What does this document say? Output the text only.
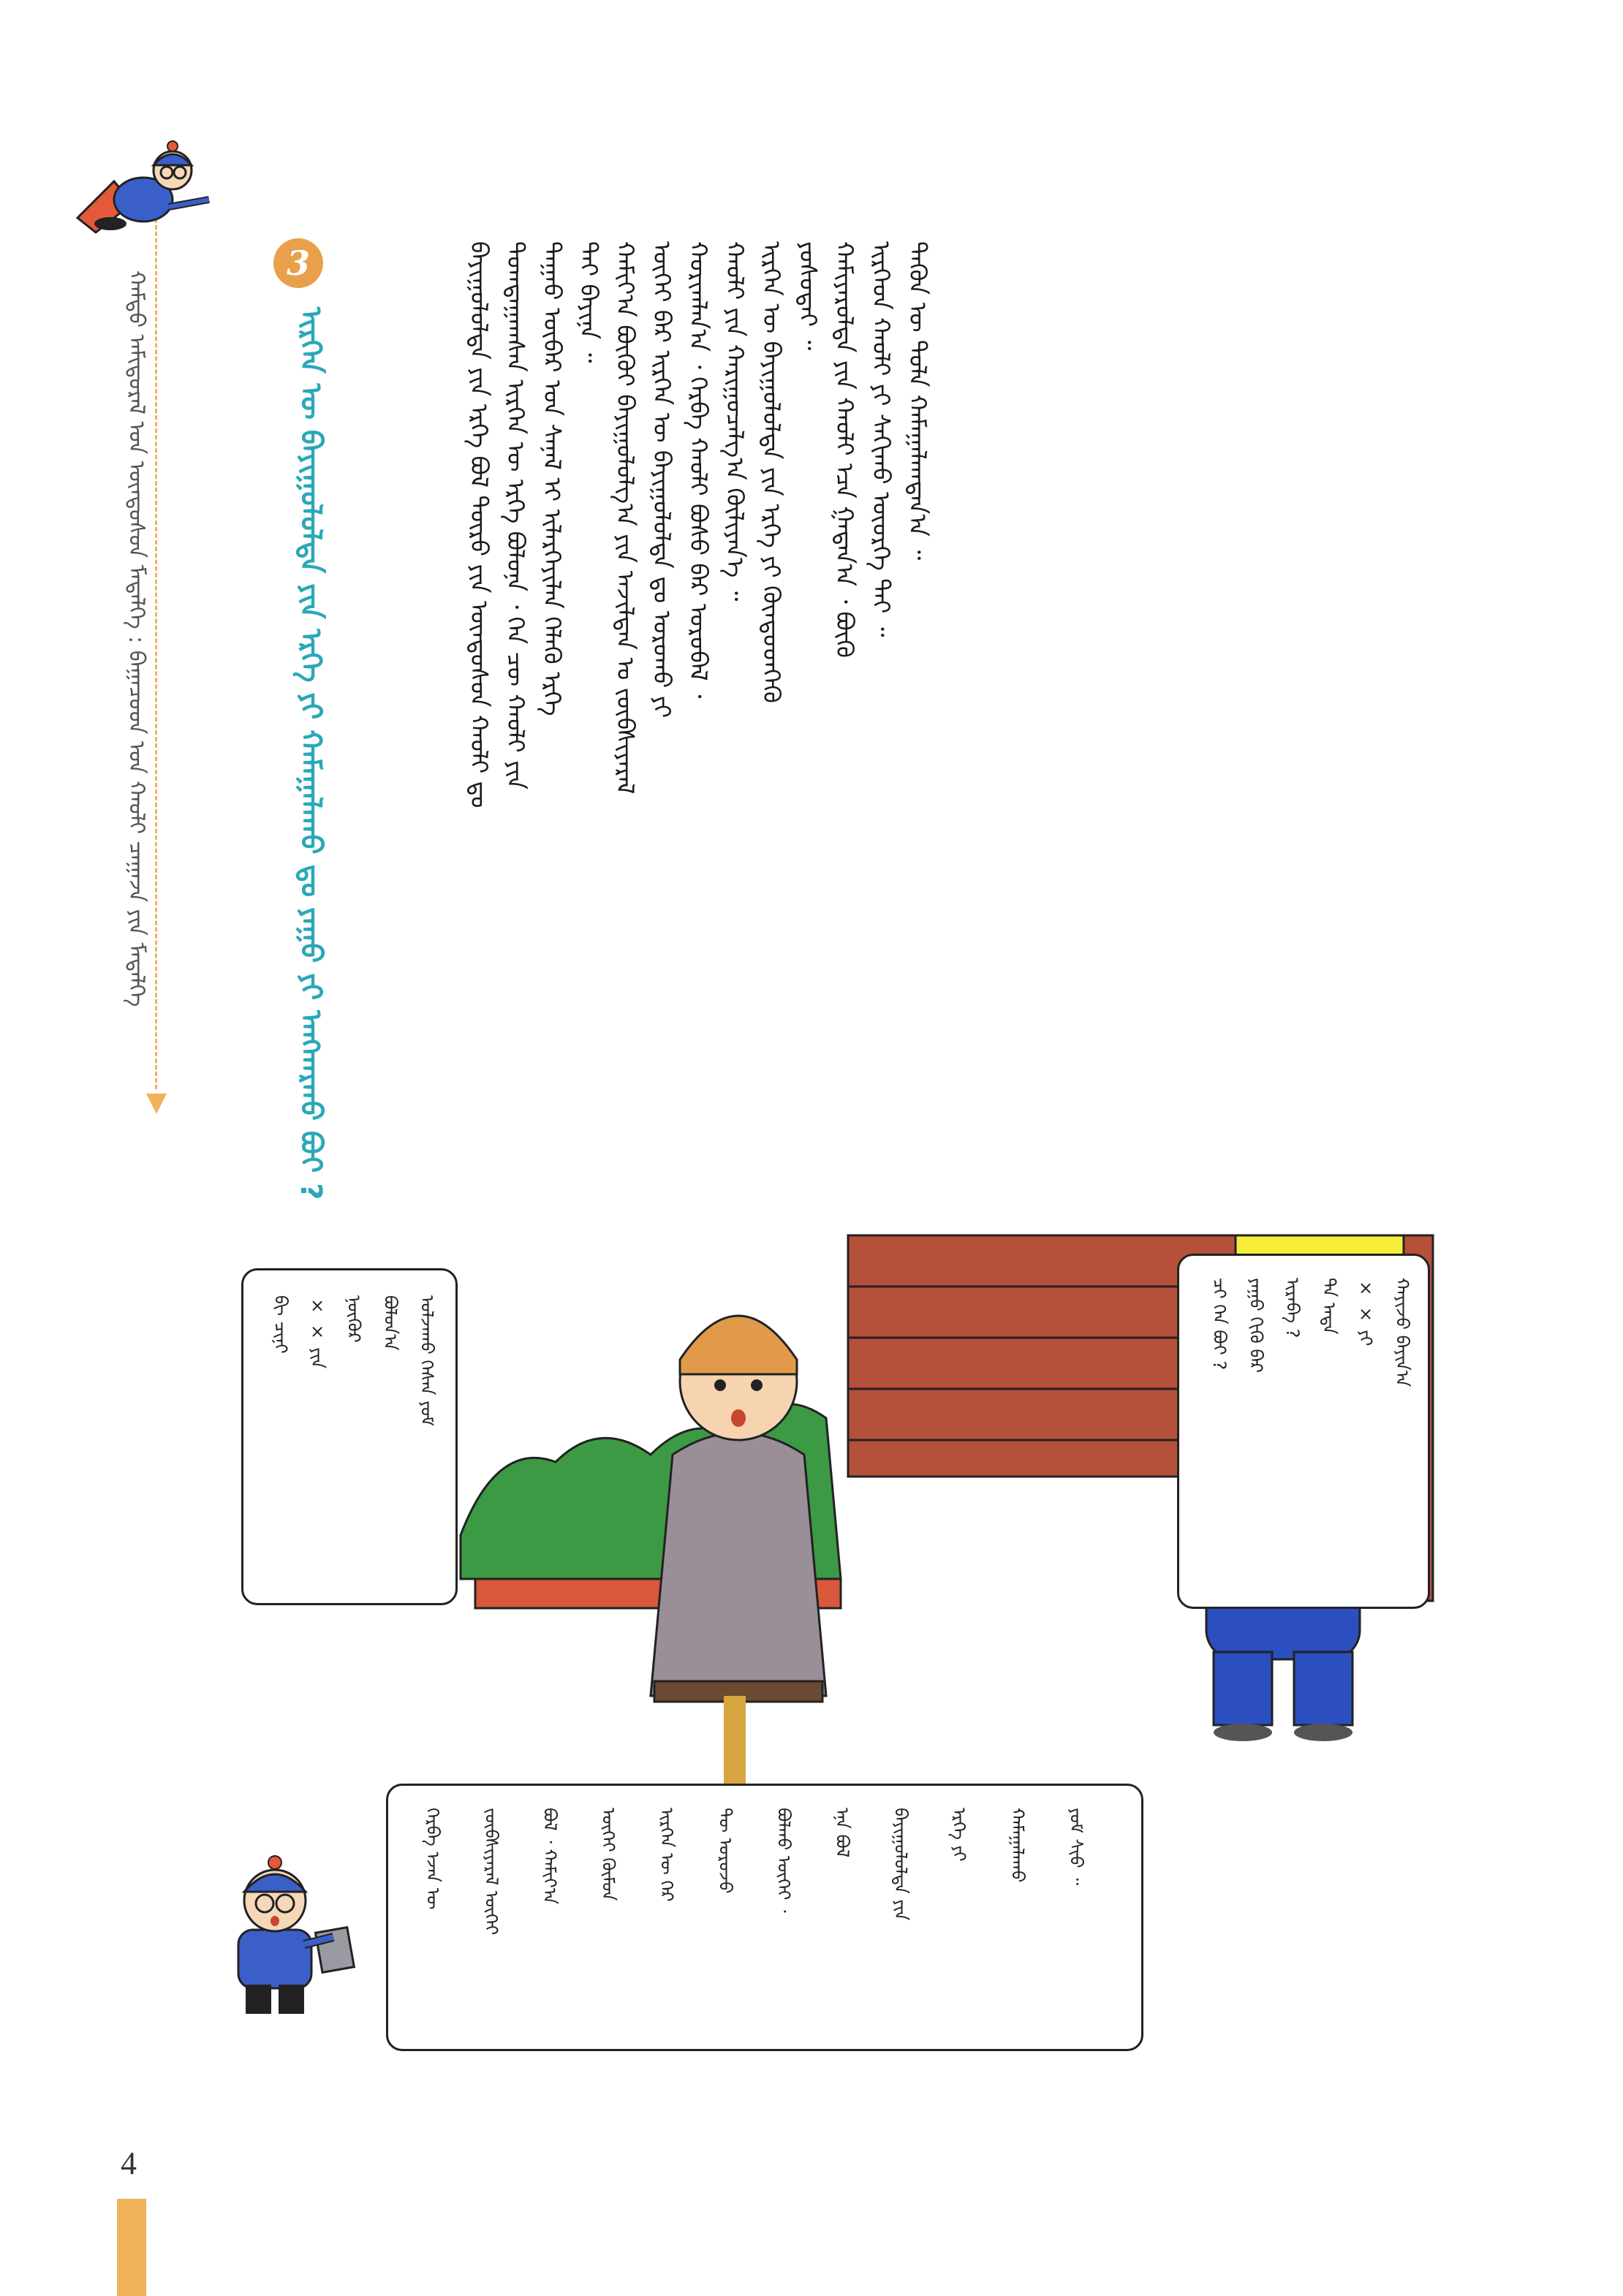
ᠬᠠᠮᠲᠤ ᠠᠮᠢᠳᠤᠷᠠᠯ ᠤᠨ ᠦᠨᠳᠦᠰᠦᠨ ᠮᠡᠳᠡᠯᠭᠡ : ᠪᠠᠭᠠᠴᠤᠳ ᠤᠨ ᠬᠠᠤᠯᠢ ᠴᠠᠭᠠᠵᠠ ᠶᠢᠨ ᠮᠡᠳᠡᠯᠭᠡ
3
ᠢᠷᠭᠡᠨ ᠦ ᠪᠠᠶᠢᠭᠤᠯᠤᠯᠲᠠ ᠶᠢᠨ ᠡᠷᠬᠡ ᠶᠢ ᠬᠠᠮᠠᠭᠠᠯᠠᠬᠤ ᠳᠤ ᠶᠠᠭᠤ ᠶᠢ ᠠᠩᠬᠠᠷᠬᠤ ᠪᠤᠢ ?	ᠪᠠᠶᠢᠭᠤᠯᠤᠯᠲᠠ ᠶᠢᠨ ᠡᠷᠬᠡ ᠪᠣᠯ ᠲᠥᠷᠥ ᠶᠢᠨ ᠦᠨᠳᠦᠰᠦᠨ ᠬᠠᠤᠯᠢ ᠳᠤ ᠲᠤᠭᠲᠠᠭᠠᠭᠰᠠᠨ ᠢᠷᠭᠡᠨ ᠦ ᠡᠷᠬᠡ ᠪᠣᠯᠤᠨᠠ ᠂ ᠬᠡᠨ ᠴᠦ ᠬᠠᠤᠯᠢ ᠶᠢᠨ ᠳᠠᠭᠠᠤ ᠥᠪᠡᠷ ᠤᠨ ᠰᠠᠨᠠᠯ ᠢ ᠢᠯᠡᠷᠬᠡᠶᠢᠯᠡᠨ ᠬᠡᠯᠡᠬᠦ ᠡᠷᠬᠡ ᠲᠠᠶ ᠪᠠᠶᠢᠨᠠ ᠃ ᠬᠠᠮᠢᠶ᠎ᠠ ᠪᠦᠬᠦᠢ ᠪᠠᠶᠢᠭᠤᠯᠤᠯᠭ᠎ᠠ ᠶᠢᠨ ᠠᠵᠢᠯᠲᠠᠨ ᠤ ᠵᠥᠪᠰᠢᠶᠡᠷᠡᠯ ᠦᠭᠡᠢ ᠪᠡᠷ ᠢᠷᠭᠡᠨ ᠦ ᠪᠠᠶᠢᠭᠤᠯᠤᠯᠲᠠ ᠳᠤ ᠣᠷᠣᠬᠤ ᠶᠢ ᠬᠣᠷᠢᠭᠯᠠᠨ᠎ᠠ ᠂ ᠬᠡᠷᠪᠡ ᠬᠠᠤᠯᠢ ᠪᠤᠰᠤ ᠪᠡᠷ ᠣᠷᠣᠪᠠᠯ ᠂ ᠬᠠᠤᠯᠢ ᠶᠢᠨ ᠬᠠᠷᠢᠭᠤᠴᠠᠯᠭ᠎ᠠ ᠬᠦᠯᠢᠶᠡᠨ᠎ᠡ ᠃ ᠢᠷᠭᠡᠨ ᠦ ᠪᠠᠶᠢᠭᠤᠯᠤᠯᠲᠠ ᠶᠢᠨ ᠡᠷᠬᠡ ᠶᠢ ᠬᠦᠨᠳᠦᠳᠬᠡᠬᠦ ᠶᠣᠰᠤᠲᠠᠢ ᠃ ᠬᠠᠮᠢᠶᠠᠷᠤᠯᠲᠠ ᠶᠢᠨ ᠬᠠᠤᠯᠢ ᠡᠴᠡ ᠭᠠᠳᠠᠨ᠎ᠠ ᠂ ᠪᠦᠬᠦ ᠢᠷᠭᠡᠳ ᠬᠠᠤᠯᠢ ᠶᠢ ᠰᠠᠬᠢᠬᠤ ᠦᠦᠷᠭᠡ ᠲᠠᠶ ᠃ ᠲᠡᠭᠦᠨ ᠦ ᠲᠤᠯᠠ ᠬᠠᠮᠠᠭᠠᠯᠠᠭᠳᠠᠨ᠎ᠠ ᠃
ᠴᠢ ᠬᠡᠨ ᠪᠤᠢ ? ᠶᠠᠭᠤ ᠬᠢᠬᠦ ᠪᠡᠷ ᠢᠷᠡᠪᠡ ? ᠲᠠ ᠡᠨᠳᠡ × × ᠶᠢ ᠬᠠᠶᠢᠵᠤ ᠪᠠᠶᠢᠨ᠎ᠠ
ᠪᠢ ᠴᠢᠨᠢ × × ᠶᠢᠨ ᠨᠥᠬᠦᠷ ᠪᠣᠯᠤᠨ᠎ᠠ ᠤᠯᠵᠠᠬᠤ ᠭᠡᠰᠡᠨ ᠶᠤᠮ
ᠬᠡᠷᠪᠡ ᠡᠵᠡᠨ ᠦ ᠵᠥᠪᠰᠢᠶᠡᠷᠡᠯ ᠦᠭᠡᠢ ᠪᠣᠯ ᠂ ᠬᠠᠮᠢᠶ᠎ᠠ ᠦᠭᠡᠢ ᠬᠦᠮᠦᠨ ᠢᠷᠭᠡᠨ ᠦ ᠭᠡᠷ ᠲᠦ ᠣᠷᠣᠵᠤ ᠪᠣᠯᠬᠤ ᠦᠭᠡᠢ ᠂ ᠡᠨᠡ ᠪᠣᠯ ᠪᠠᠶᠢᠭᠤᠯᠤᠯᠲᠠ ᠶᠢᠨ ᠡᠷᠬᠡ ᠶᠢ ᠬᠠᠮᠠᠭᠠᠯᠠᠬᠤ ᠶᠤᠮ ᠰᠢᠦ ᠃
4
